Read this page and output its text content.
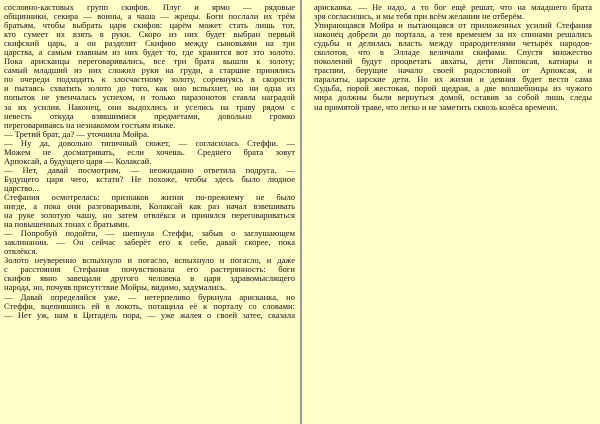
сословно-кастовых групп скифов. Плуг и ярмо — рядовые
общинники, секира — воины, а чаша — жрецы. Боги послали их трём
братьям, чтобы выбрать царя скифов: царём может стать лишь тот,
кто сумеет их взять в руки. Скоро из них будет выбран первый
скифский царь, а он разделит Скифию между сыновьями на три
царства, а самым главным из них будет то, где хранится вот это золото.
Пока арисканцы переговаривались, все три брата вышли к золоту;
самый младший из них сложил руки на груди, а старшие принялись
по очереди подходить к злосчастному золоту, соревнуясь в скорости
и пытаясь схватить золото до того, как оно вспыхнет, но ни одна из
попыток не увенчалась успехом, и только паразонотов ставла наградой
за их усилия. Наконец, они выдохлись и уселись на траву рядом с
невесть откуда взявшимися предметами, довольно громко
переговариваясь на незнакомом гостьям языке.
— Третий брат, да? — уточнила Мойра.
— Ну да, довольно типичный сюжет, — согласилась Стеффи. —
Можем не досматривать, если хочешь. Среднего брата зовут
Арпоксай, а будущего царя — Колаксай.
— Нет, давай посмотрим, — неожиданно ответила подруга. —
Будущего царя чего, кстати? Не похоже, чтобы здесь было людное
царство...
Стефания осмотрелась: признаков жизни по-прежнему не было
нигде, а пока они разговаривали, Колаксай как раз начал взвешивать
на руке золотую чашу, но затем отвлёкся и принялся переговариваться
на повышенных тонах с братьями.
— Попробуй подойти, — шепнула Стеффи, забыв о заглушающем
заклинании. — Он сейчас заберёт его к себе, давай скорее, пока
отвлёкся.
Золото неуверенно вспыхнуло и погасло, вспыхнуло и погасло, и даже
с расстояния Стефания почувствовала его растерянность: боги
скифов явно завещали другого человека в царя здравомыслящего
народа, но, почуяв присутствие Мойры, видимо, задумались.
— Давай определяйся уже, — нетерпеливо буркнула арисканка, но
Стеффи, вцепившись ей в локоть, потащила её к порталу со словами:
— Нет уж, нам в Цитадель пора, — уже жалея о своей затее, сказала
арисканка. — Не надо, а то бог ещё решат, что на младшего брата
зря согласились, и мы тебя при всём желании не отберём.
Упирающаяся Мойра и пытающаяся от приложенных усилий Стефания
наконец добрели до портала, а тем временем за их спинами решались
судьбы и делилась власть между прародителями четырёх народов-
сколотов, что в Элладе величали скифами. Спустя множество
поколений будут процветать авхаты, дети Липоксая, катиары и
траспии, берущие начало своей родословной от Арпоксая, и
паралаты, царские дети. Но их жизни и деяния будет вести сама
Судьба, порой жестокая, порой щедрая, а две волшебницы из чужого
мира должны были вернуться домой, оставив за собой лишь следы
на примятой траве, что легко и не заметить сквозь колёса времени.
